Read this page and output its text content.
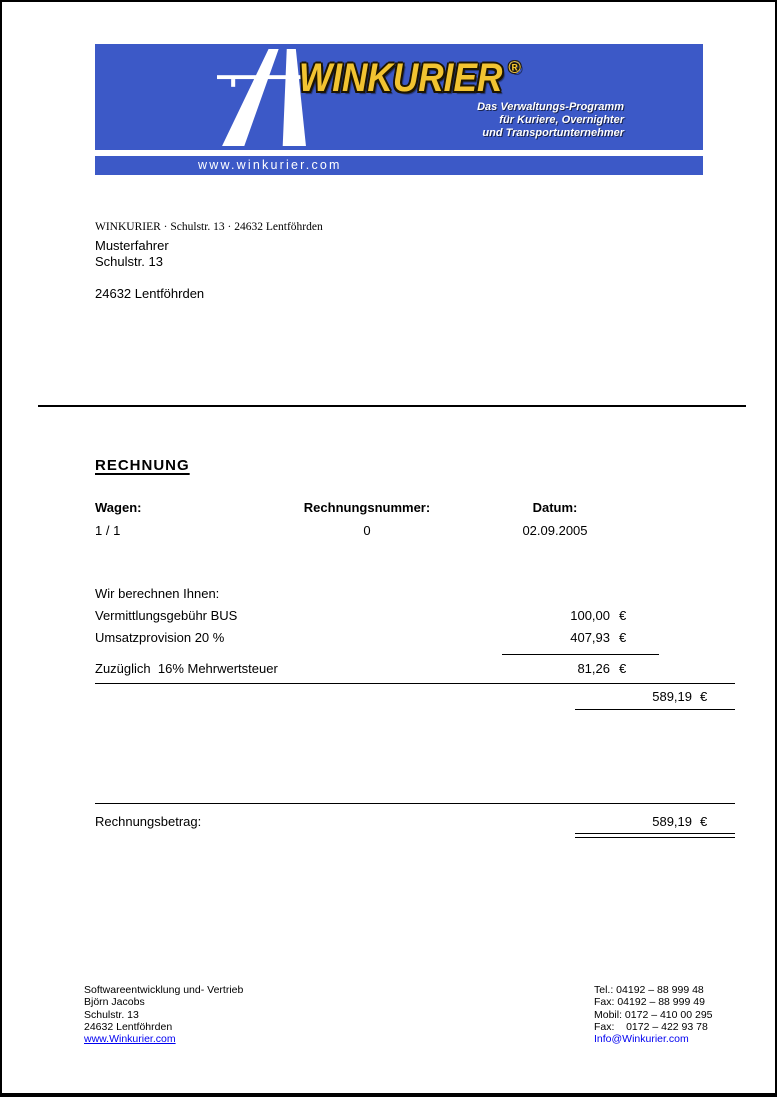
WINKURIER ®
Das Verwaltungs-Programm
für Kuriere, Overnighter
und Transportunternehmer
www.winkurier.com
WINKURIER · Schulstr. 13 · 24632 Lentföhrden
Musterfahrer
Schulstr. 13
24632 Lentföhrden
RECHNUNG
Wagen:
1 / 1
Rechnungsnummer:
0
Datum:
02.09.2005
Wir berechnen Ihnen:
Vermittlungsgebühr BUS	100,00 €
Umsatzprovision 20 %	407,93 €
Zuzüglich  16% Mehrwertsteuer	81,26 €
589,19 €
Rechnungsbetrag:	589,19 €
Softwareentwicklung und- Vertrieb
Björn Jacobs
Schulstr. 13
24632 Lentföhrden
www.Winkurier.com
Tel.: 04192 – 88 999 48
Fax: 04192 – 88 999 49
Mobil: 0172 – 410 00 295
Fax:    0172 – 422 93 78
Info@Winkurier.com
